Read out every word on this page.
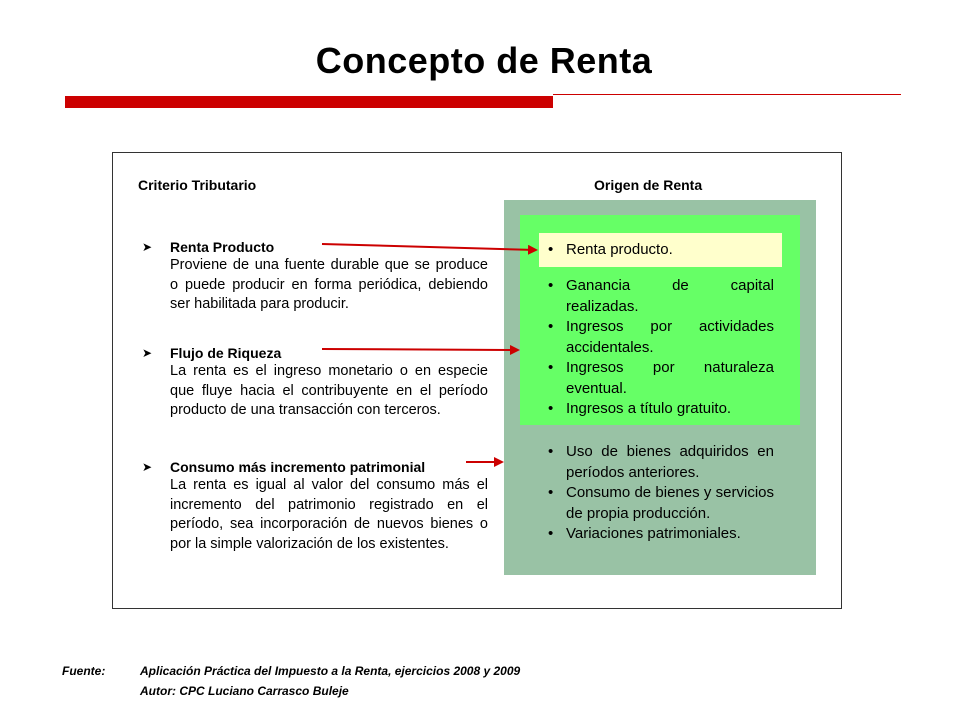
Concepto de Renta
Criterio Tributario	Origen de Renta
• Renta producto.
• Ganancia de capital realizadas.
• Ingresos por actividades accidentales.
• Ingresos por naturaleza eventual.
• Ingresos a título gratuito.
• Uso de bienes adquiridos en períodos anteriores.
• Consumo de bienes y servicios de propia producción.
• Variaciones patrimoniales.
➤ Renta Producto
Proviene de una fuente durable que se produce o puede producir en forma periódica, debiendo ser habilitada para producir.
➤ Flujo de Riqueza
La renta es el ingreso monetario o en especie que fluye hacia el contribuyente en el período producto de una transacción con terceros.
➤ Consumo más incremento patrimonial
La renta es igual al valor del consumo más el incremento del patrimonio registrado en el período, sea incorporación de nuevos bienes o por la simple valorización de los existentes.
Fuente:	Aplicación Práctica del Impuesto a la Renta, ejercicios 2008 y 2009
Autor: CPC Luciano Carrasco Buleje
